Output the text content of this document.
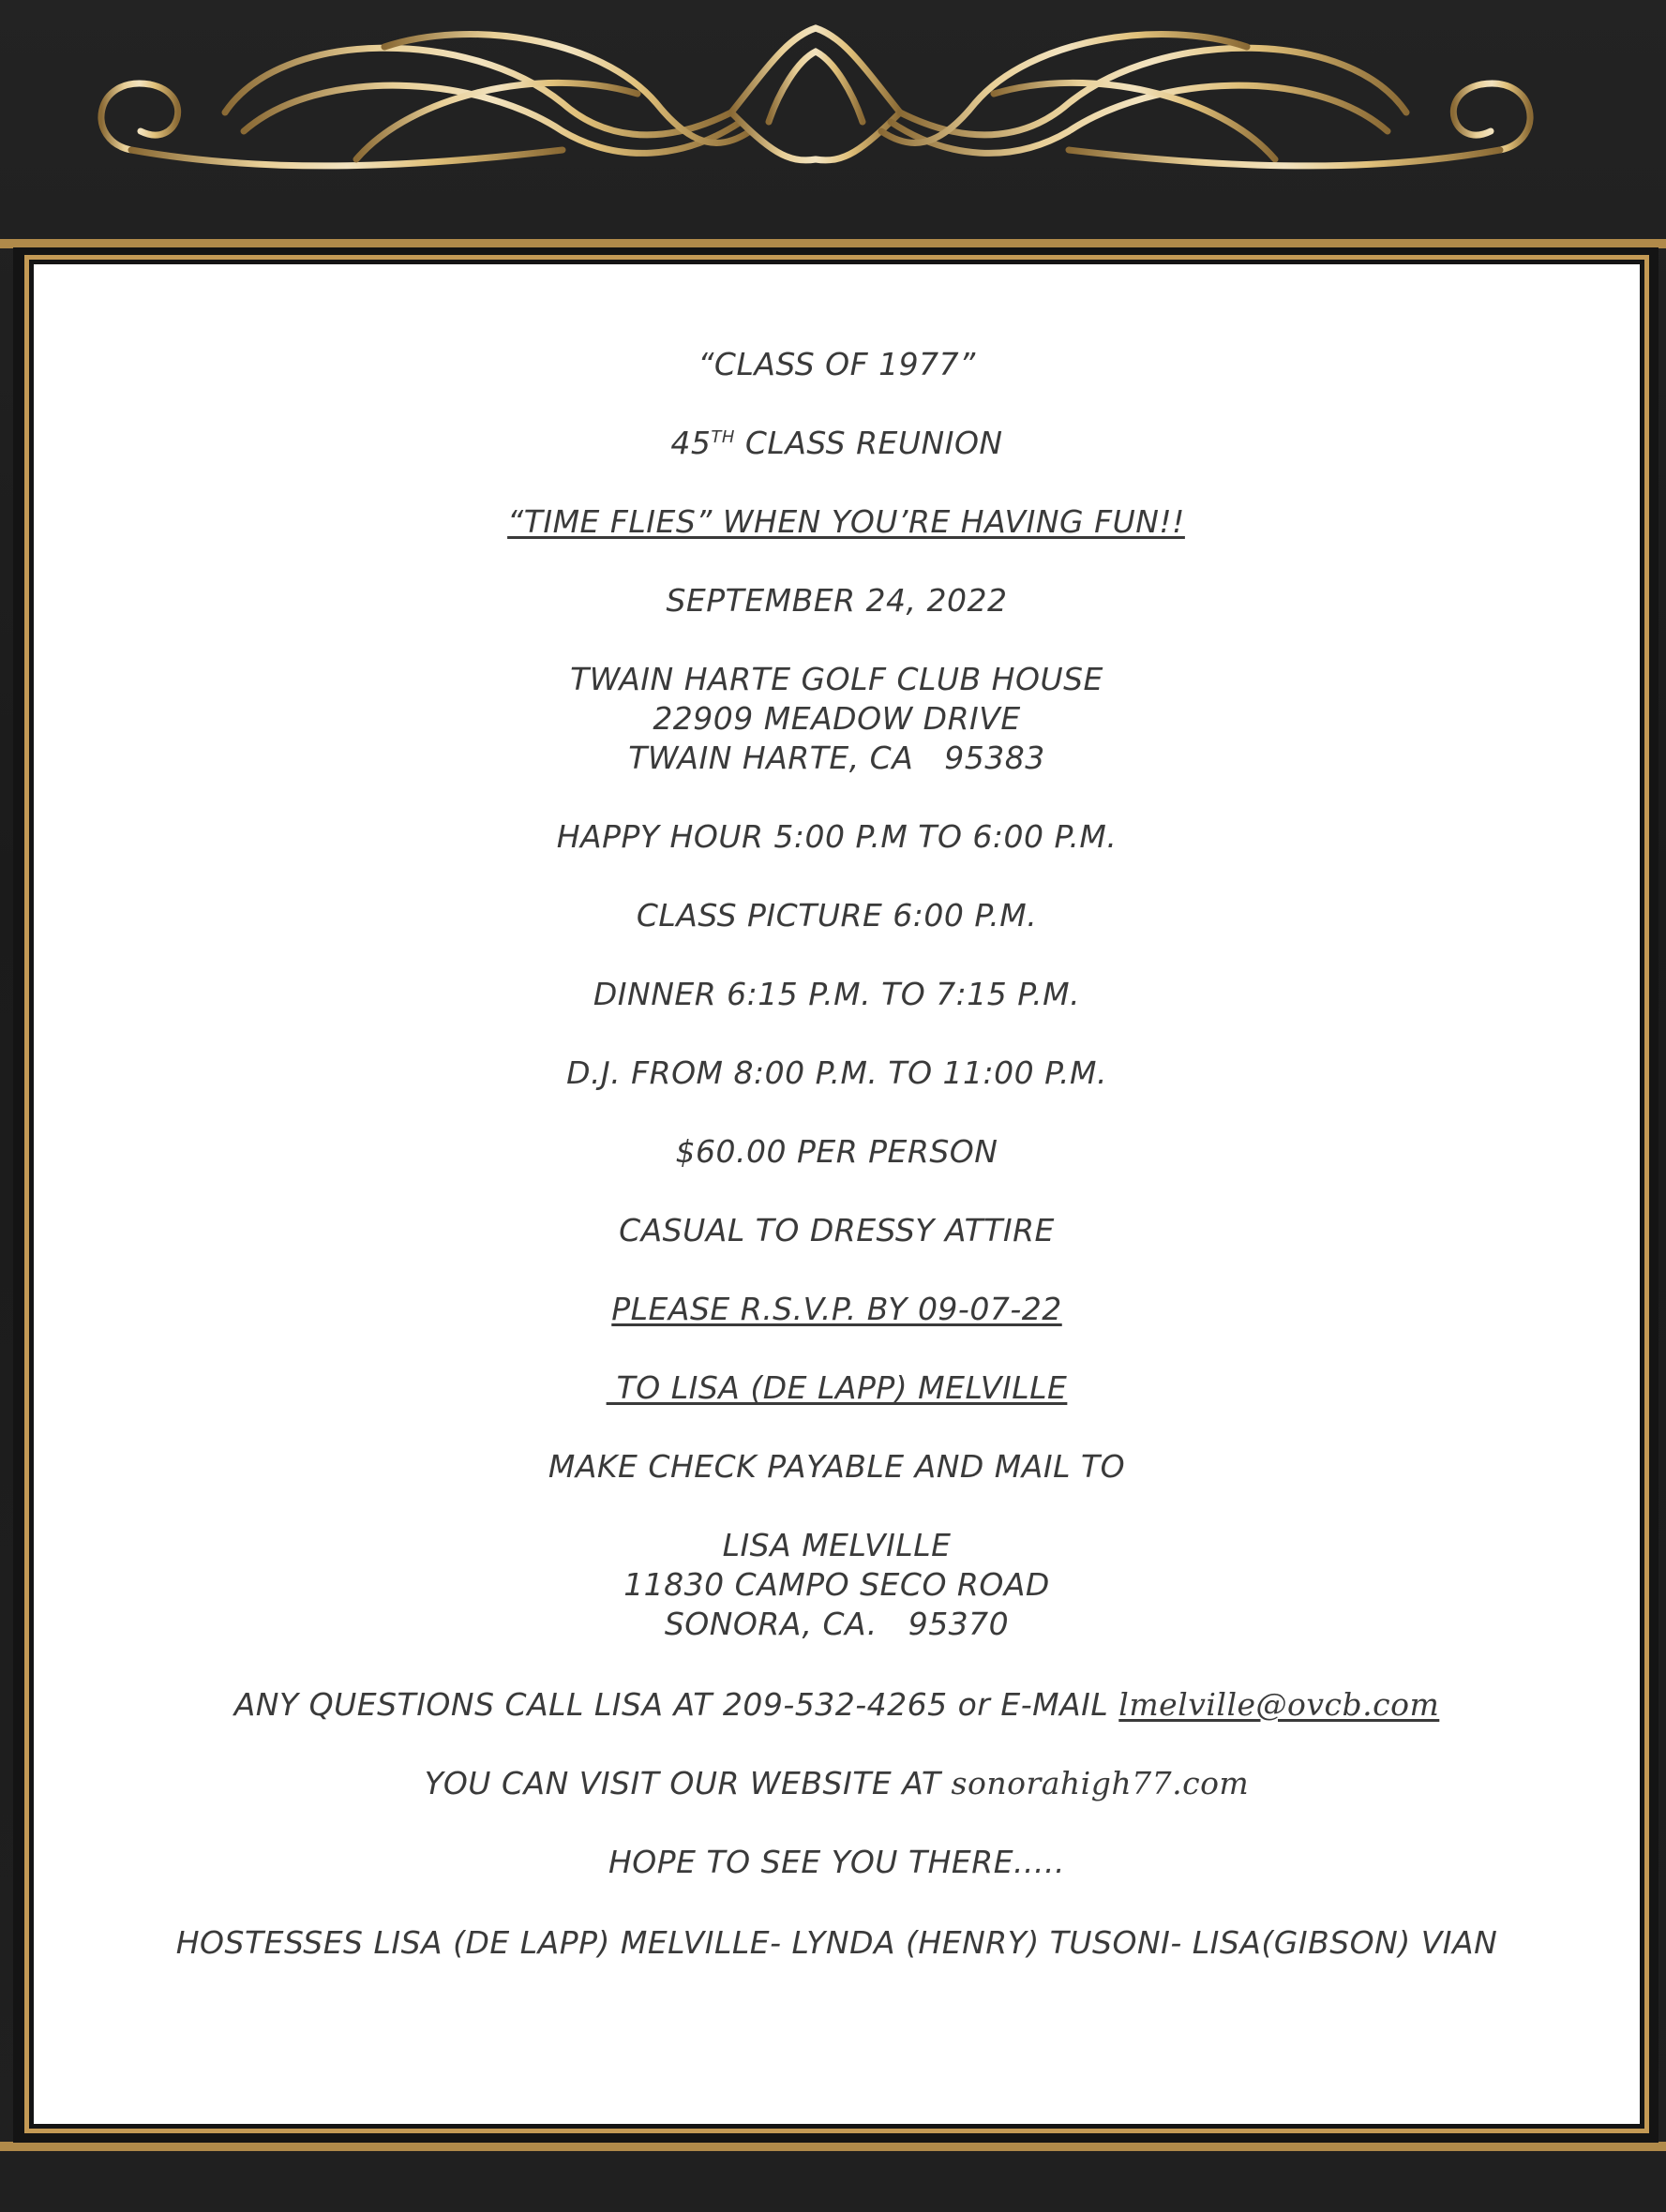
“CLASS OF 1977”
45TH CLASS REUNION
“TIME FLIES” WHEN YOU’RE HAVING FUN!!
SEPTEMBER 24, 2022
TWAIN HARTE GOLF CLUB HOUSE
22909 MEADOW DRIVE
TWAIN HARTE, CA   95383
HAPPY HOUR 5:00 P.M TO 6:00 P.M.
CLASS PICTURE 6:00 P.M.
DINNER 6:15 P.M. TO 7:15 P.M.
D.J. FROM 8:00 P.M. TO 11:00 P.M.
$60.00 PER PERSON
CASUAL TO DRESSY ATTIRE
PLEASE R.S.V.P. BY 09-07-22
TO LISA (DE LAPP) MELVILLE
MAKE CHECK PAYABLE AND MAIL TO
LISA MELVILLE
11830 CAMPO SECO ROAD
SONORA, CA.   95370
ANY QUESTIONS CALL LISA AT 209-532-4265 or E-MAIL lmelville@ovcb.com
YOU CAN VISIT OUR WEBSITE AT sonorahigh77.com
HOPE TO SEE YOU THERE.....
HOSTESSES LISA (DE LAPP) MELVILLE- LYNDA (HENRY) TUSONI- LISA(GIBSON) VIAN
